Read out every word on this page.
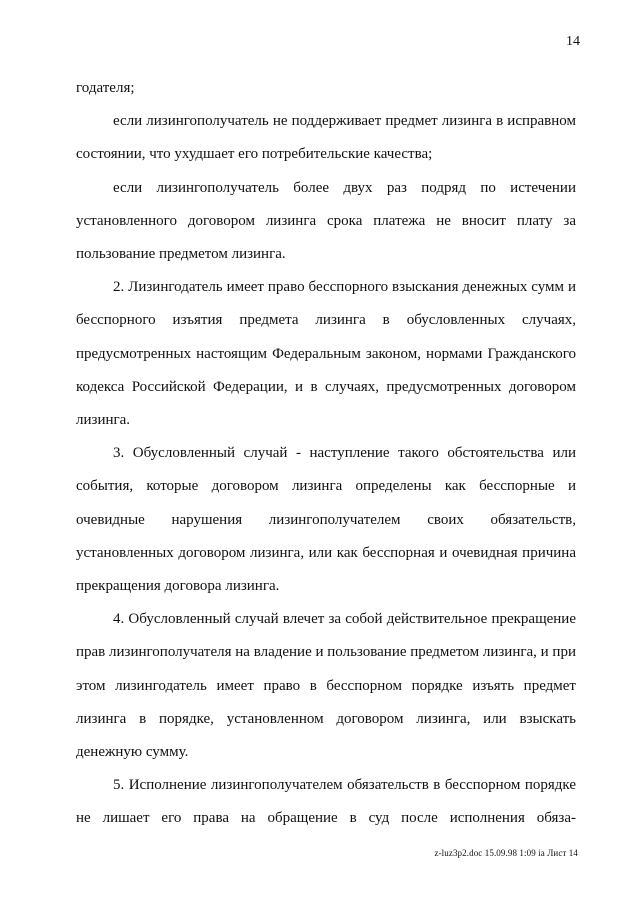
14

годателя;

если лизингополучатель не поддерживает предмет лизинга в исправном состоянии, что ухудшает его потребительские качества;

если лизингополучатель более двух раз подряд по истечении установленного договором лизинга срока платежа не вносит плату за пользование предметом лизинга.

2. Лизингодатель имеет право бесспорного взыскания денежных сумм и бесспорного изъятия предмета лизинга в обусловленных случаях, предусмотренных настоящим Федеральным законом, нормами Гражданского кодекса Российской Федерации, и в случаях, предусмотренных договором лизинга.

3. Обусловленный случай - наступление такого обстоятельства или события, которые договором лизинга определены как бесспорные и очевидные нарушения лизингополучателем своих обязательств, установленных договором лизинга, или как бесспорная и очевидная причина прекращения договора лизинга.

4. Обусловленный случай влечет за собой действительное прекращение прав лизингополучателя на владение и пользование предметом лизинга, и при этом лизингодатель имеет право в бесспорном порядке изъять предмет лизинга в порядке, установленном договором лизинга, или взыскать денежную сумму.

5. Исполнение лизингополучателем обязательств в бесспорном порядке не лишает его права на обращение в суд после исполнения обяза-

z-luz3p2.doc 15.09.98 1:09 ia Лист 14
